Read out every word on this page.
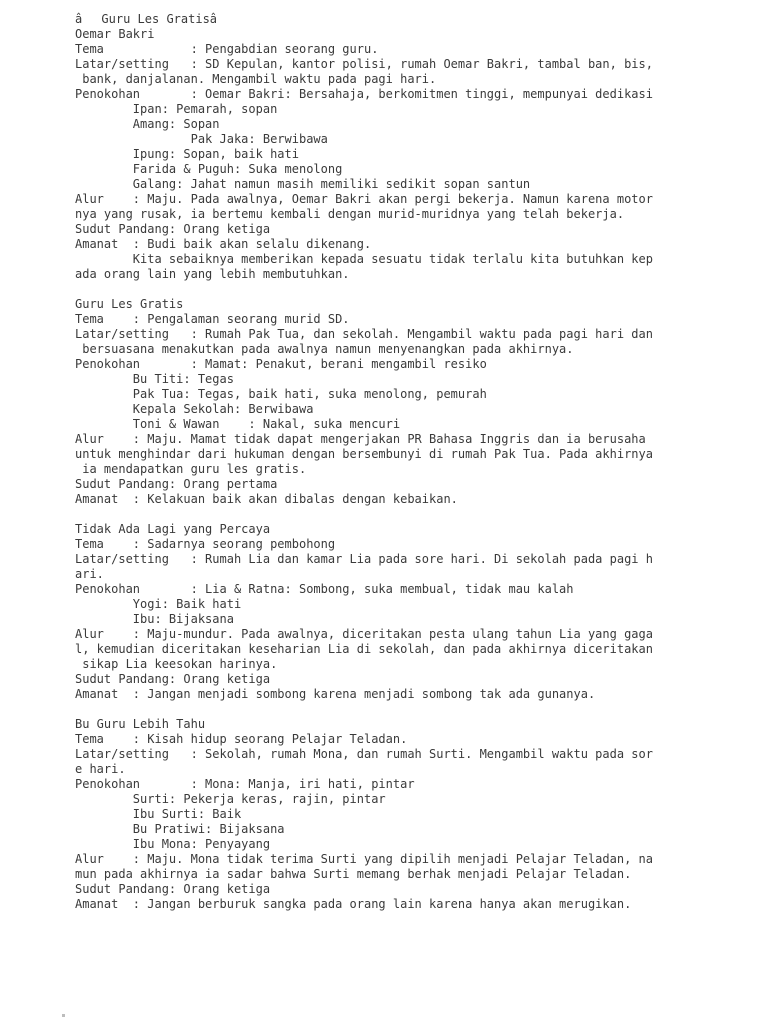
âGuru Les Gratisâ
Oemar Bakri
Tema            : Pengabdian seorang guru.
Latar/setting   : SD Kepulan, kantor polisi, rumah Oemar Bakri, tambal ban, bis,
bank, danjalanan. Mengambil waktu pada pagi hari.
Penokohan       : Oemar Bakri: Bersahaja, berkomitmen tinggi, mempunyai dedikasi
Ipan: Pemarah, sopan
Amang: Sopan
Pak Jaka: Berwibawa
Ipung: Sopan, baik hati
Farida & Puguh: Suka menolong
Galang: Jahat namun masih memiliki sedikit sopan santun
Alur    : Maju. Pada awalnya, Oemar Bakri akan pergi bekerja. Namun karena motor
nya yang rusak, ia bertemu kembali dengan murid-muridnya yang telah bekerja.
Sudut Pandang: Orang ketiga
Amanat  : Budi baik akan selalu dikenang.
Kita sebaiknya memberikan kepada sesuatu tidak terlalu kita butuhkan kep
ada orang lain yang lebih membutuhkan.
Guru Les Gratis
Tema    : Pengalaman seorang murid SD.
Latar/setting   : Rumah Pak Tua, dan sekolah. Mengambil waktu pada pagi hari dan
bersuasana menakutkan pada awalnya namun menyenangkan pada akhirnya.
Penokohan       : Mamat: Penakut, berani mengambil resiko
Bu Titi: Tegas
Pak Tua: Tegas, baik hati, suka menolong, pemurah
Kepala Sekolah: Berwibawa
Toni & Wawan    : Nakal, suka mencuri
Alur    : Maju. Mamat tidak dapat mengerjakan PR Bahasa Inggris dan ia berusaha
untuk menghindar dari hukuman dengan bersembunyi di rumah Pak Tua. Pada akhirnya
ia mendapatkan guru les gratis.
Sudut Pandang: Orang pertama
Amanat  : Kelakuan baik akan dibalas dengan kebaikan.
Tidak Ada Lagi yang Percaya
Tema    : Sadarnya seorang pembohong
Latar/setting   : Rumah Lia dan kamar Lia pada sore hari. Di sekolah pada pagi h
ari.
Penokohan       : Lia & Ratna: Sombong, suka membual, tidak mau kalah
Yogi: Baik hati
Ibu: Bijaksana
Alur    : Maju-mundur. Pada awalnya, diceritakan pesta ulang tahun Lia yang gaga
l, kemudian diceritakan keseharian Lia di sekolah, dan pada akhirnya diceritakan
sikap Lia keesokan harinya.
Sudut Pandang: Orang ketiga
Amanat  : Jangan menjadi sombong karena menjadi sombong tak ada gunanya.
Bu Guru Lebih Tahu
Tema    : Kisah hidup seorang Pelajar Teladan.
Latar/setting   : Sekolah, rumah Mona, dan rumah Surti. Mengambil waktu pada sor
e hari.
Penokohan       : Mona: Manja, iri hati, pintar
Surti: Pekerja keras, rajin, pintar
Ibu Surti: Baik
Bu Pratiwi: Bijaksana
Ibu Mona: Penyayang
Alur    : Maju. Mona tidak terima Surti yang dipilih menjadi Pelajar Teladan, na
mun pada akhirnya ia sadar bahwa Surti memang berhak menjadi Pelajar Teladan.
Sudut Pandang: Orang ketiga
Amanat  : Jangan berburuk sangka pada orang lain karena hanya akan merugikan.
